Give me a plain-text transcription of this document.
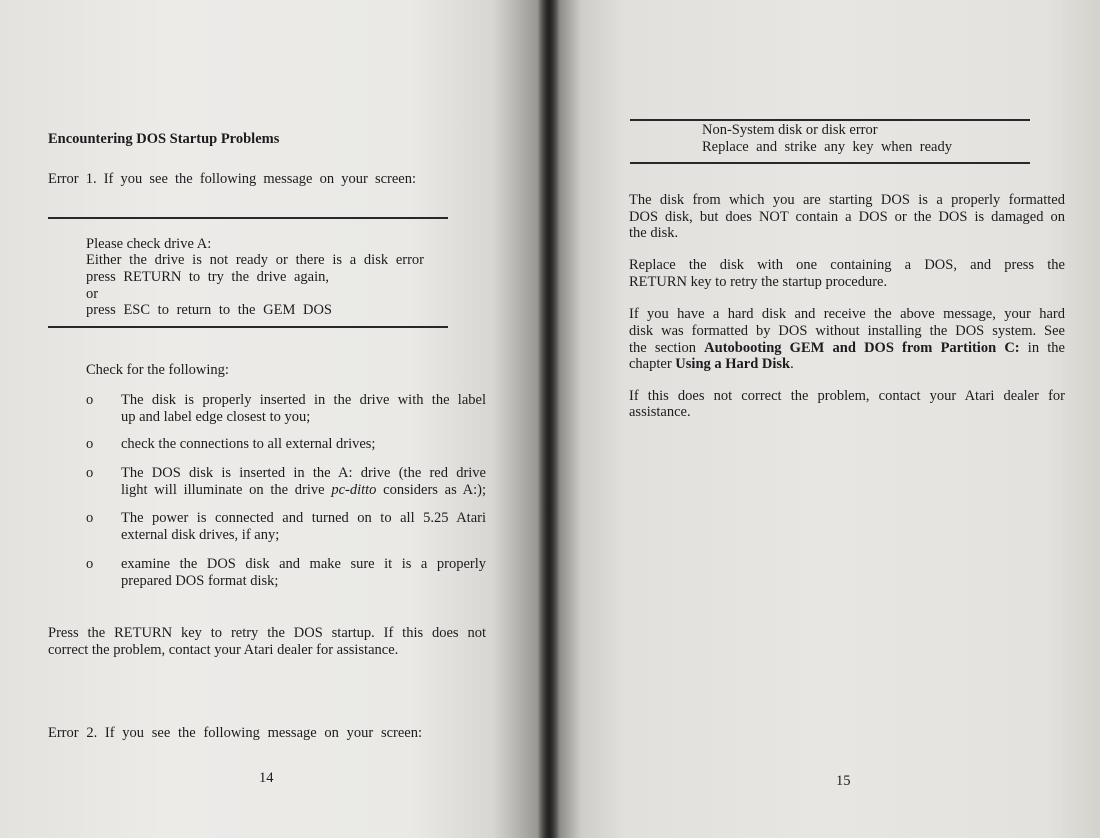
Encountering DOS Startup Problems
Error 1. If you see the following message on your screen:
Please check drive A:
Either the drive is not ready or there is a disk error
press RETURN to try the drive again,
or
press ESC to return to the GEM DOS
Check for the following:
o The disk is properly inserted in the drive with the label
up and label edge closest to you;
o check the connections to all external drives;
o The DOS disk is inserted in the A: drive (the red drive
light will illuminate on the drive pc-ditto considers as A:);
o The power is connected and turned on to all 5.25 Atari
external disk drives, if any;
o examine the DOS disk and make sure it is a properly
prepared DOS format disk;
Press the RETURN key to retry the DOS startup. If this does not
correct the problem, contact your Atari dealer for assistance.
Error 2. If you see the following message on your screen:
14
Non-System disk or disk error
Replace and strike any key when ready
The disk from which you are starting DOS is a properly formatted
DOS disk, but does NOT contain a DOS or the DOS is damaged on
the disk.
Replace the disk with one containing a DOS, and press the
RETURN key to retry the startup procedure.
If you have a hard disk and receive the above message, your hard
disk was formatted by DOS without installing the DOS system. See
the section Autobooting GEM and DOS from Partition C: in the
chapter Using a Hard Disk.
If this does not correct the problem, contact your Atari dealer for
assistance.
15
